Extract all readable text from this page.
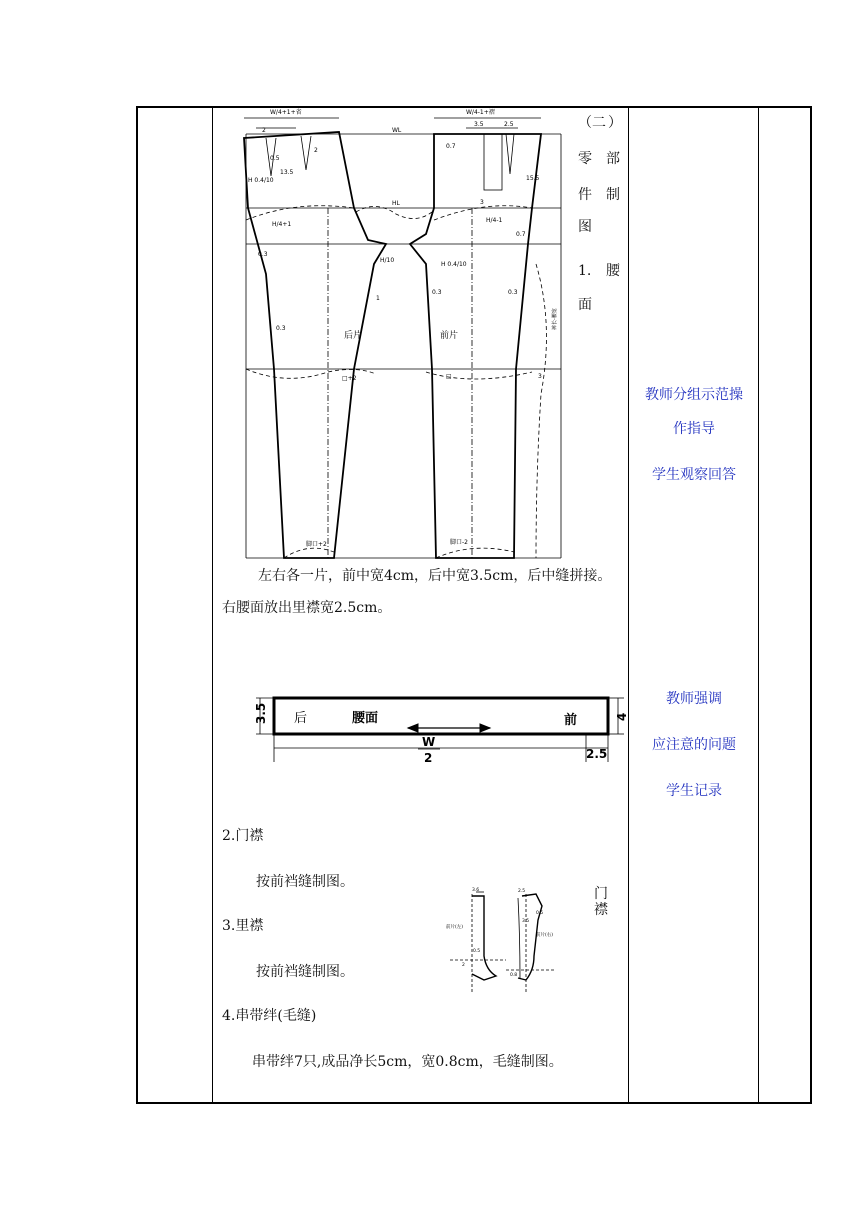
W/4+1+省	W/4-1+褶
WL
HL
H/4+1
H/4-1
H/10
H 0.4/10
H 0.4/10
0.5
0.7
0.7
0.3
0.3
0.3	0.3
13.5
15.5
3.5	2.5
2
2
3
1
3
后片	前片
□+2	□
脚口+2	脚口-2
裤长-腰宽
（ 二 ）
零 部
件 制
图
1. 腰
面
左右各一片，前中宽4cm，后中宽3.5cm，后中缝拼接。
右腰面放出里襟宽2.5cm。
后	腰面	前
3.5	4
W
2	2.5
2.门襟
按前裆缝制图。
3.里襟
按前裆缝制图。
4.串带绊(毛缝)
串带绊7只,成品净长5cm，宽0.8cm，毛缝制图。
3.6	2.5
前片(左)
前片(右)
0.5
0.5
3.5
0.8
2
门
襟
教师分组示范操
作指导
学生观察回答
教师强调
应注意的问题
学生记录
